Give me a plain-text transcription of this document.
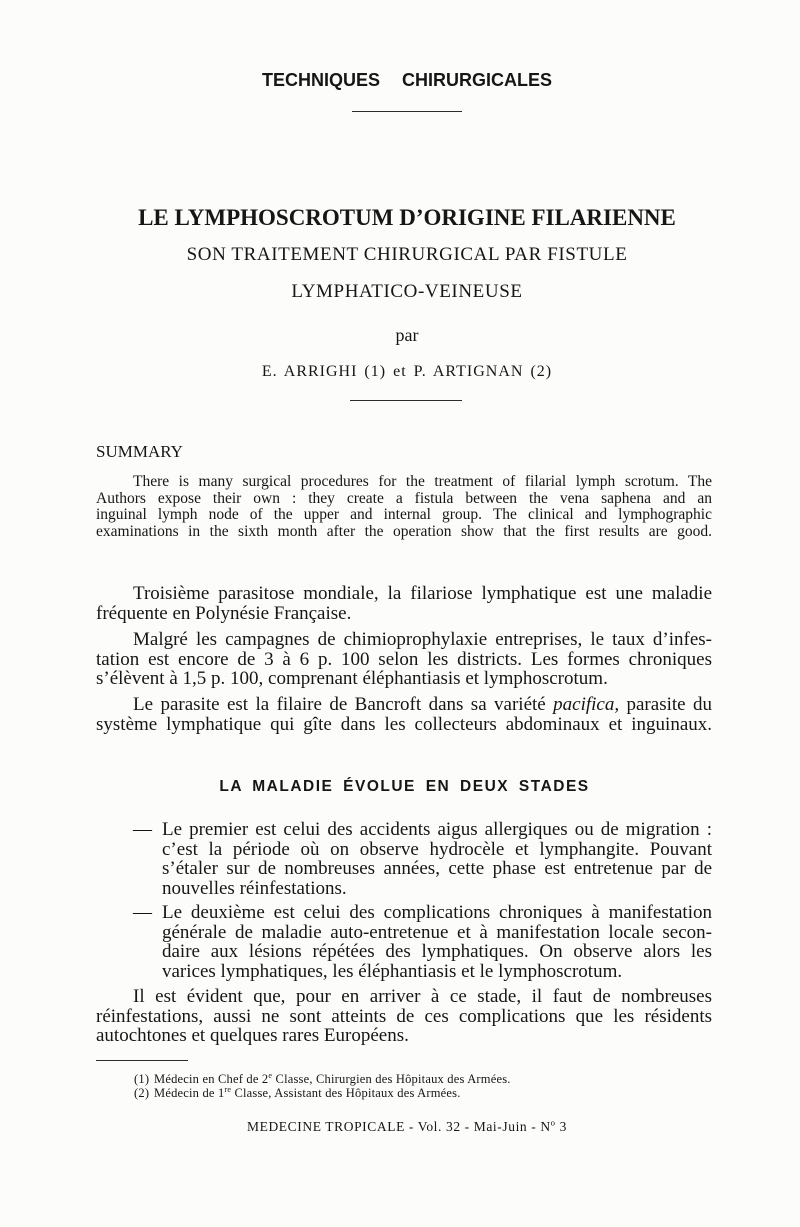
TECHNIQUES CHIRURGICALES
LE LYMPHOSCROTUM D’ORIGINE FILARIENNE
SON TRAITEMENT CHIRURGICAL PAR FISTULE
LYMPHATICO-VEINEUSE
par
E. ARRIGHI (1) et P. ARTIGNAN (2)
SUMMARY
There is many surgical procedures for the treatment of filarial lymph scrotum. The
Authors expose their own : they create a fistula between the vena saphena and an
inguinal lymph node of the upper and internal group. The clinical and lymphographic
examinations in the sixth month after the operation show that the first results are good.
Troisième parasitose mondiale, la filariose lymphatique est une maladie
fréquente en Polynésie Française.
Malgré les campagnes de chimioprophylaxie entreprises, le taux d’infes-
tation est encore de 3 à 6 p. 100 selon les districts. Les formes chroniques
s’élèvent à 1,5 p. 100, comprenant éléphantiasis et lymphoscrotum.
Le parasite est la filaire de Bancroft dans sa variété pacifica, parasite du
système lymphatique qui gîte dans les collecteurs abdominaux et inguinaux.
LA MALADIE ÉVOLUE EN DEUX STADES
— Le premier est celui des accidents aigus allergiques ou de migration :
c’est la période où on observe hydrocèle et lymphangite. Pouvant
s’étaler sur de nombreuses années, cette phase est entretenue par de
nouvelles réinfestations.
— Le deuxième est celui des complications chroniques à manifestation
générale de maladie auto-entretenue et à manifestation locale secon-
daire aux lésions répétées des lymphatiques. On observe alors les
varices lymphatiques, les éléphantiasis et le lymphoscrotum.
Il est évident que, pour en arriver à ce stade, il faut de nombreuses
réinfestations, aussi ne sont atteints de ces complications que les résidents
autochtones et quelques rares Européens.
(1) Médecin en Chef de 2e Classe, Chirurgien des Hôpitaux des Armées.
(2) Médecin de 1re Classe, Assistant des Hôpitaux des Armées.
MEDECINE TROPICALE - Vol. 32 - Mai-Juin - $N^o$ 3
